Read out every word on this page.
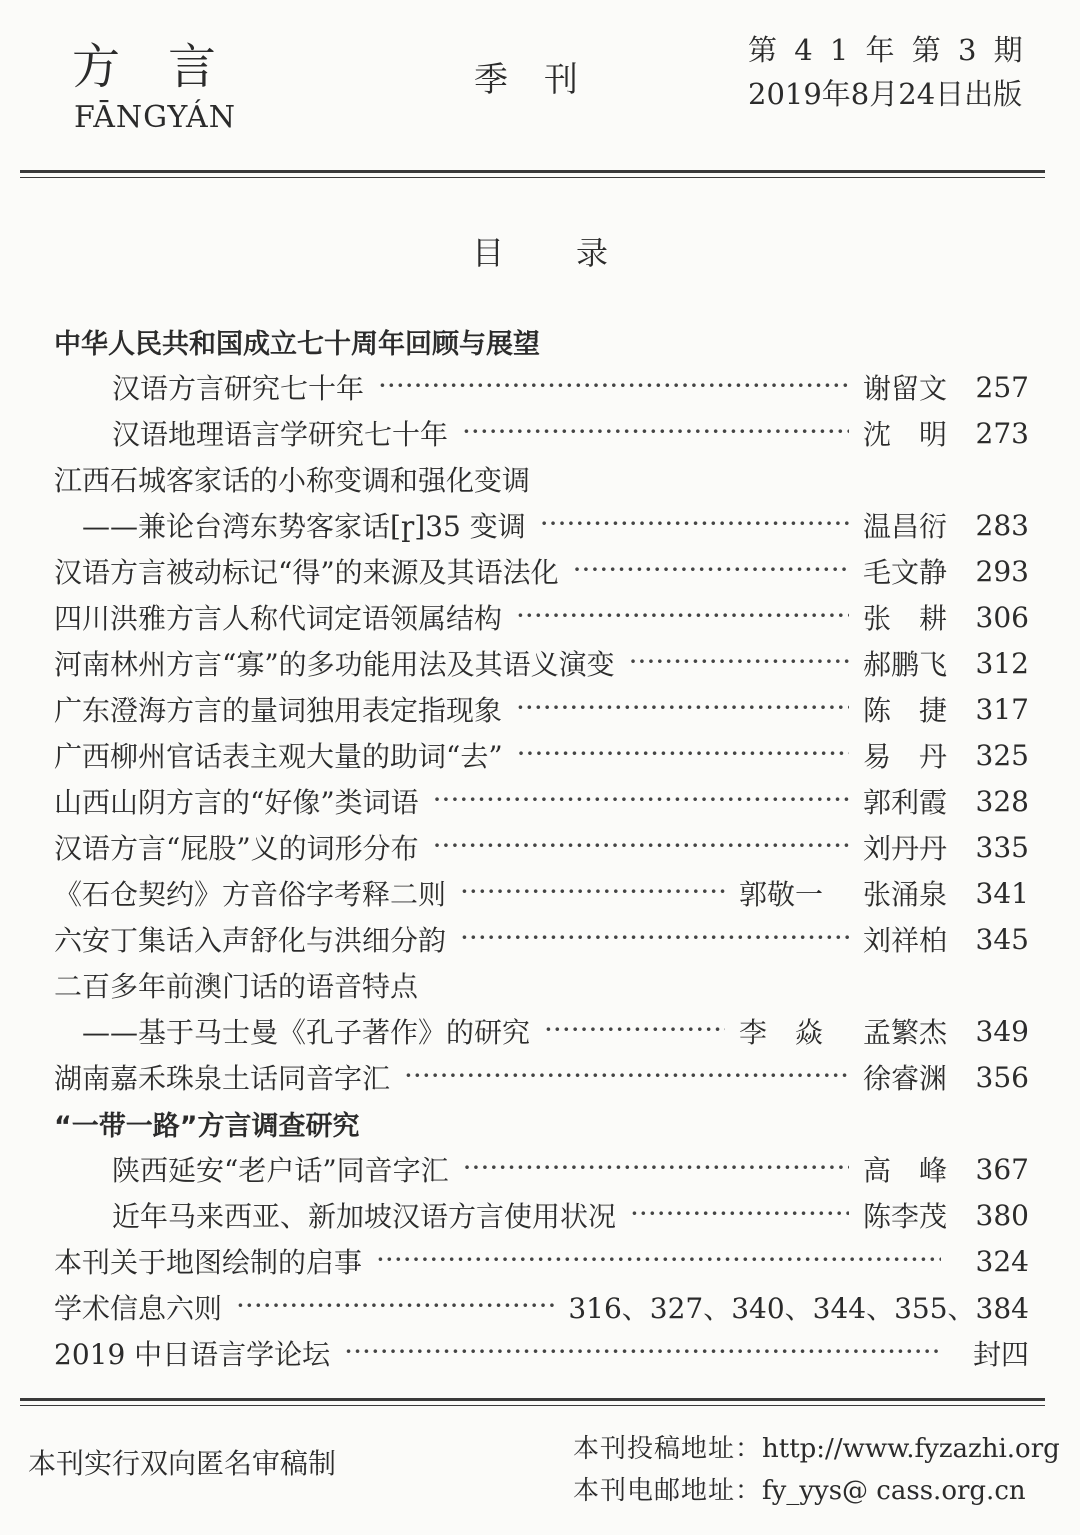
方言
FĀNGYÁN
季刊
第 4 1 年 第 3 期
2019年8月24日出版
目录
中华人民共和国成立七十周年回顾与展望
汉语方言研究七十年 ·····	谢留文	257
汉语地理语言学研究七十年 ·····	沈明 273
江西石城客家话的小称变调和强化变调
——兼论台湾东势客家话[ɼ]35 变调 ·····	温昌衍	283
汉语方言被动标记“得”的来源及其语法化 ·····	毛文静	293
四川洪雅方言人称代词定语领属结构 ·····	张耕 306
河南林州方言“寡”的多功能用法及其语义演变 ·····	郝鹏飞	312
广东澄海方言的量词独用表定指现象 ·····	陈捷 317
广西柳州官话表主观大量的助词“去” ·····	易丹 325
山西山阴方言的“好像”类词语 ·····	郭利霞	328
汉语方言“屁股”义的词形分布 ·····	刘丹丹	335
《石仓契约》方音俗字考释二则 ·····	郭敬一 张涌泉	341
六安丁集话入声舒化与洪细分韵 ·····	刘祥柏	345
二百多年前澳门话的语音特点
——基于马士曼《孔子著作》的研究 ·····	李焱 孟繁杰	349
湖南嘉禾珠泉土话同音字汇 ·····	徐睿渊	356
“一带一路”方言调查研究
陕西延安“老户话”同音字汇 ·····	高峰 367
近年马来西亚、新加坡汉语方言使用状况 ·····	陈李茂	380
本刊关于地图绘制的启事 ·····	324
学术信息六则 ·····	316、327、340、344、355、384
2019 中日语言学论坛 ·····	封四
本刊实行双向匿名审稿制	本刊投稿地址：http://www.fyzazhi.org
本刊电邮地址：fy_yys@ cass.org.cn
